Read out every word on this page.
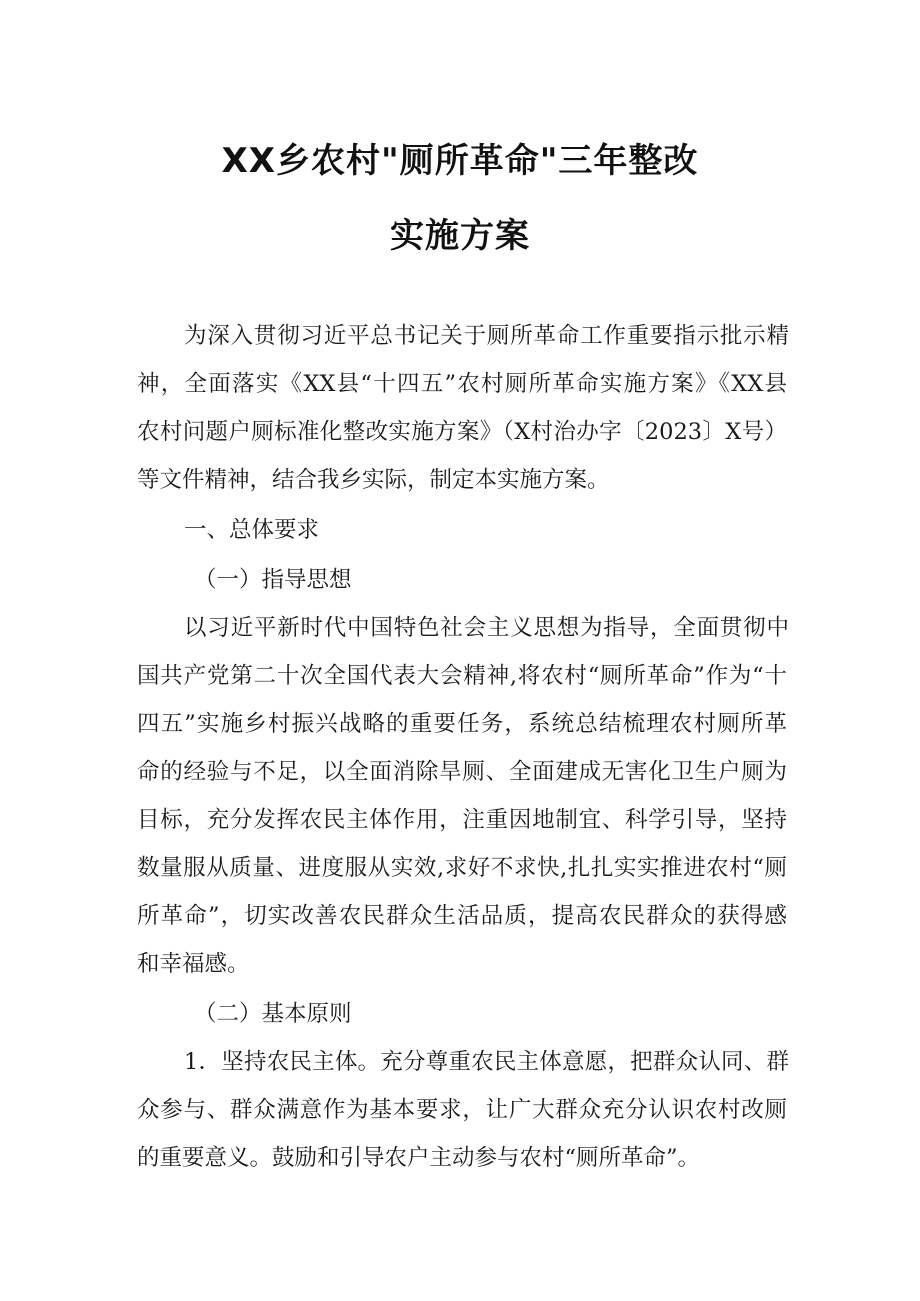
XX乡农村"厕所革命"三年整改
实施方案

为深入贯彻习近平总书记关于厕所革命工作重要指示批示精

神，全面落实《XX县“十四五”农村厕所革命实施方案》《XX县

农村问题户厕标准化整改实施方案》（X村治办字〔2023〕X号）

等文件精神，结合我乡实际，制定本实施方案。

一、总体要求

（一）指导思想

以习近平新时代中国特色社会主义思想为指导，全面贯彻中

国共产党第二十次全国代表大会精神,将农村“厕所革命”作为“十

四五”实施乡村振兴战略的重要任务，系统总结梳理农村厕所革

命的经验与不足，以全面消除旱厕、全面建成无害化卫生户厕为

目标，充分发挥农民主体作用，注重因地制宜、科学引导，坚持

数量服从质量、进度服从实效,求好不求快,扎扎实实推进农村“厕

所革命”，切实改善农民群众生活品质，提高农民群众的获得感

和幸福感。

（二）基本原则

1．坚持农民主体。充分尊重农民主体意愿，把群众认同、群

众参与、群众满意作为基本要求，让广大群众充分认识农村改厕

的重要意义。鼓励和引导农户主动参与农村“厕所革命”。
